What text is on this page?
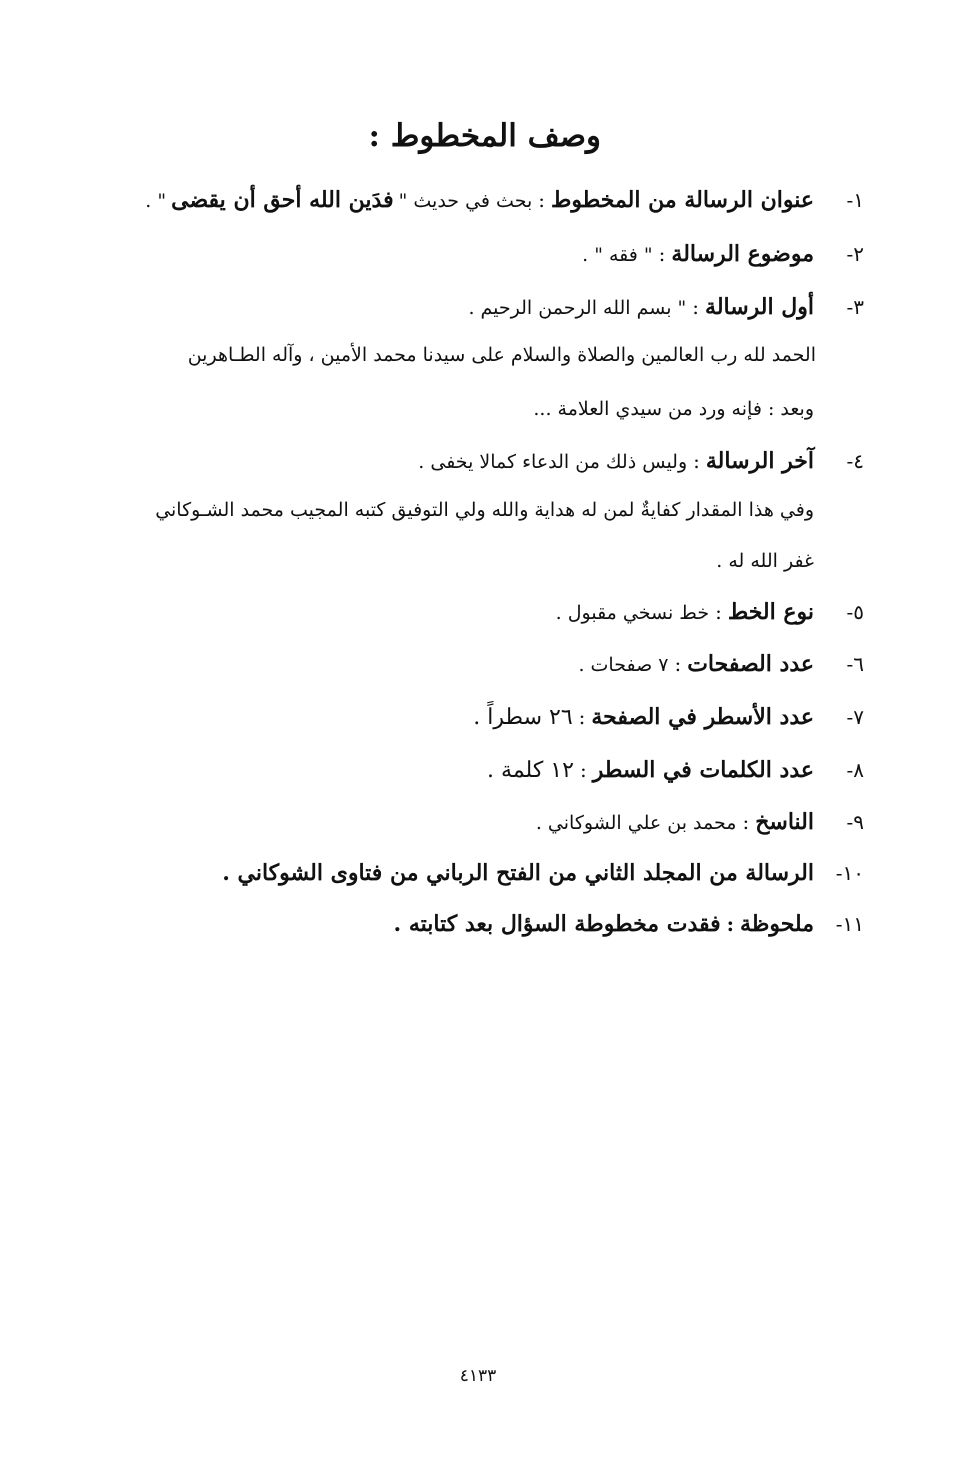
وصف المخطوط :
١-
عنوان الرسالة من المخطوط
:
بحث في حديث "
فدَين الله أحق أن يقضى
" .
٢-
موضوع الرسالة
:
" فقه " .
٣-
أول الرسالة
:
" بسم الله الرحمن الرحيم .
الحمد لله رب العالمين والصلاة والسلام على سيدنا محمد الأمين ، وآله الطـاهرين
وبعد : فإنه ورد من سيدي العلامة ...
٤-
آخر الرسالة
:
وليس ذلك من الدعاء كمالا يخفى .
وفي هذا المقدار كفايةٌ لمن له هداية والله ولي التوفيق كتبه المجيب محمد الشـوكاني
غفر الله له .
٥-
نوع الخط
:
خط نسخي مقبول .
٦-
عدد الصفحات
:
٧ صفحات .
٧-
عدد الأسطر في الصفحة
:
٢٦ سطراً .
٨-
عدد الكلمات في السطر
:
١٢ كلمة .
٩-
الناسخ
:
محمد بن علي الشوكاني .
١٠-
الرسالة من المجلد الثاني من الفتح الرباني من فتاوى الشوكاني .
١١-
ملحوظة
:
فقدت مخطوطة السؤال بعد كتابته .
٤١٣٣
